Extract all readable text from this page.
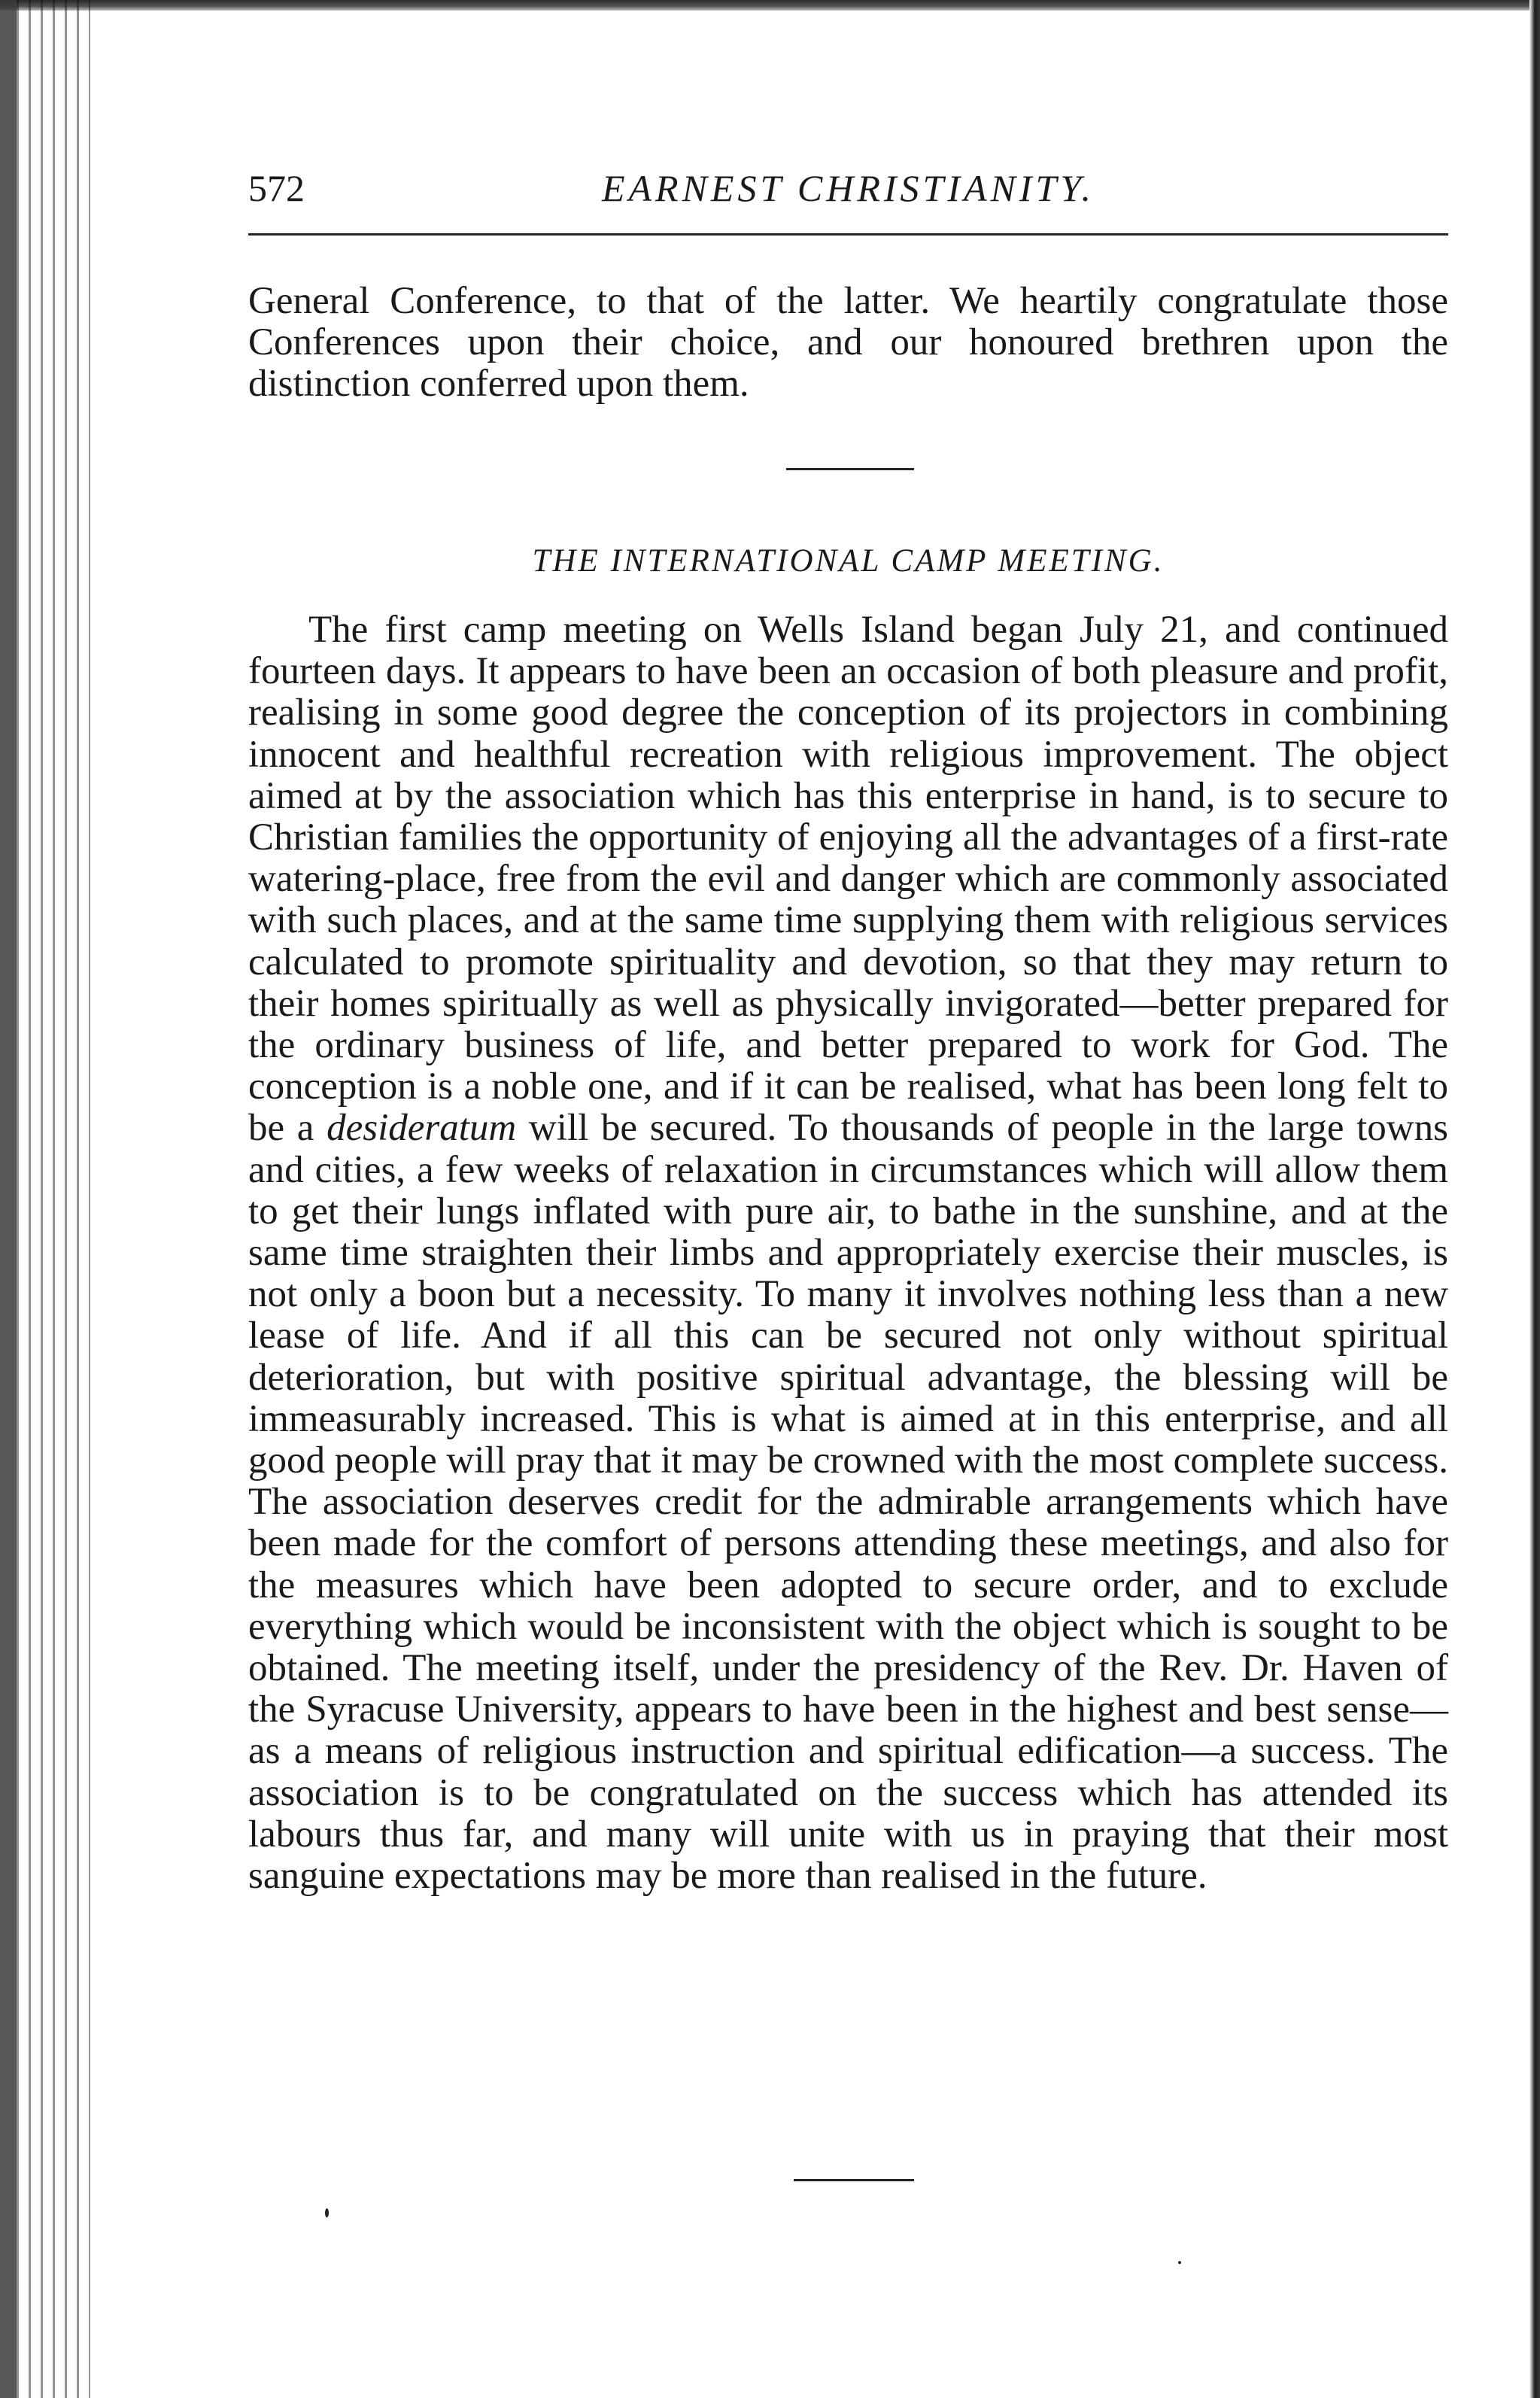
572	EARNEST CHRISTIANITY.

General Conference, to that of the latter. We heartily congratulate those Conferences upon their choice, and our honoured brethren upon the distinction conferred upon them.

THE INTERNATIONAL CAMP MEETING.

The first camp meeting on Wells Island began July 21, and continued fourteen days. It appears to have been an occasion of both pleasure and profit, realising in some good degree the conception of its projectors in combining innocent and healthful recreation with religious improvement. The object aimed at by the association which has this enterprise in hand, is to secure to Christian families the opportunity of enjoying all the advantages of a first-rate watering-place, free from the evil and danger which are commonly associated with such places, and at the same time supplying them with religious services calculated to promote spirituality and devotion, so that they may return to their homes spiritually as well as physically invigorated—better prepared for the ordinary business of life, and better prepared to work for God. The conception is a noble one, and if it can be realised, what has been long felt to be a desideratum will be secured. To thousands of people in the large towns and cities, a few weeks of relaxation in circumstances which will allow them to get their lungs inflated with pure air, to bathe in the sunshine, and at the same time straighten their limbs and appropriately exercise their muscles, is not only a boon but a necessity. To many it involves nothing less than a new lease of life. And if all this can be secured not only without spiritual deterioration, but with positive spiritual advantage, the blessing will be immeasurably increased. This is what is aimed at in this enterprise, and all good people will pray that it may be crowned with the most complete success. The association deserves credit for the admirable arrangements which have been made for the comfort of persons attending these meetings, and also for the measures which have been adopted to secure order, and to exclude everything which would be inconsistent with the object which is sought to be obtained. The meeting itself, under the presidency of the Rev. Dr. Haven of the Syracuse University, appears to have been in the highest and best sense—as a means of religious instruction and spiritual edification—a success. The association is to be congratulated on the success which has attended its labours thus far, and many will unite with us in praying that their most sanguine expectations may be more than realised in the future.
